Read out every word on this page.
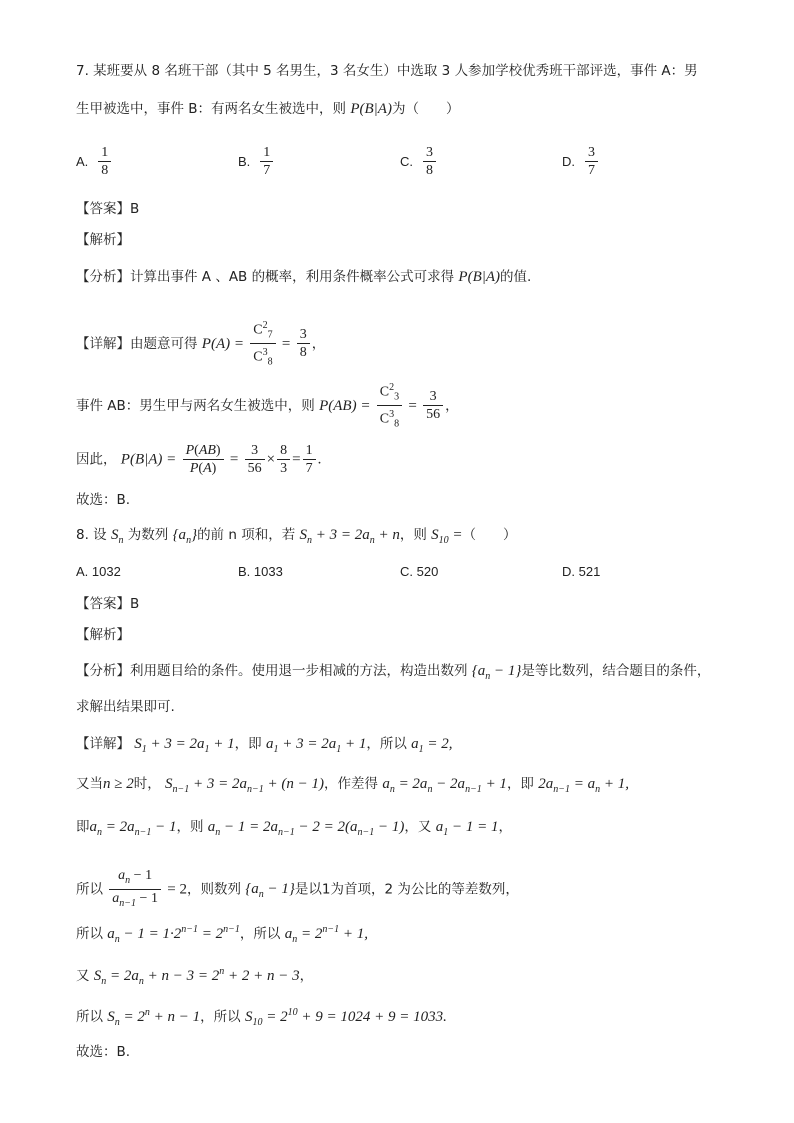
7. 某班要从 8 名班干部（其中 5 名男生，3 名女生）中选取 3 人参加学校优秀班干部评选，事件 A：男
生甲被选中，事件 B：有两名女生被选中，则 P(B|A)为（　　）
A. $\frac{1}{8}$	B. $\frac{1}{7}$	C. $\frac{3}{8}$	D. $\frac{3}{7}$
【答案】B
【解析】
【分析】计算出事件 A 、AB 的概率，利用条件概率公式可求得 P(B|A)的值.
【详解】由题意可得 $P(A) = \frac{C^2_7}{C^3_8} = \frac{3}{8}$ ，
事件 AB：男生甲与两名女生被选中，则 $P(AB) = \frac{C^2_3}{C^3_8} = \frac{3}{56}$ ，
因此， $P(B|A) = \frac{P(AB)}{P(A)} = \frac{3}{56} \times \frac{8}{3} = \frac{1}{7}$ .
故选：B.
8. 设 $S_n$ 为数列 $\{a_n\}$的前 n 项和，若 $S_n + 3 = 2a_n + n$，则 $S_{10}$ =（　　）
A. 1032	B. 1033	C. 520	D. 521
【答案】B
【解析】
【分析】利用题目给的条件。使用退一步相减的方法，构造出数列 $\{a_n - 1\}$是等比数列，结合题目的条件，
求解出结果即可.
【详解】 $S_1 + 3 = 2a_1 + 1$，即 $a_1 + 3 = 2a_1 + 1$，所以 $a_1 = 2$,
又当n ≥ 2时， $S_{n-1} + 3 = 2a_{n-1} + (n - 1)$，作差得 $a_n = 2a_n - 2a_{n-1} + 1$，即 $2a_{n-1} = a_n + 1$,
即$a_n = 2a_{n-1} - 1$，则 $a_n - 1 = 2a_{n-1} - 2 = 2(a_{n-1} - 1)$，又 $a_1 - 1 = 1$，
所以 $\frac{a_n - 1}{a_{n-1} - 1} = 2$，则数列 $\{a_n - 1\}$是以1为首项，2 为公比的等差数列，
所以 $a_n - 1 = 1\cdot 2^{n-1} = 2^{n-1}$，所以 $a_n = 2^{n-1} + 1$,
又 $S_n = 2a_n + n - 3 = 2^n + 2 + n - 3$，
所以 $S_n = 2^n + n - 1$，所以 $S_{10} = 2^{10} + 9 = 1024 + 9 = 1033$.
故选：B.
